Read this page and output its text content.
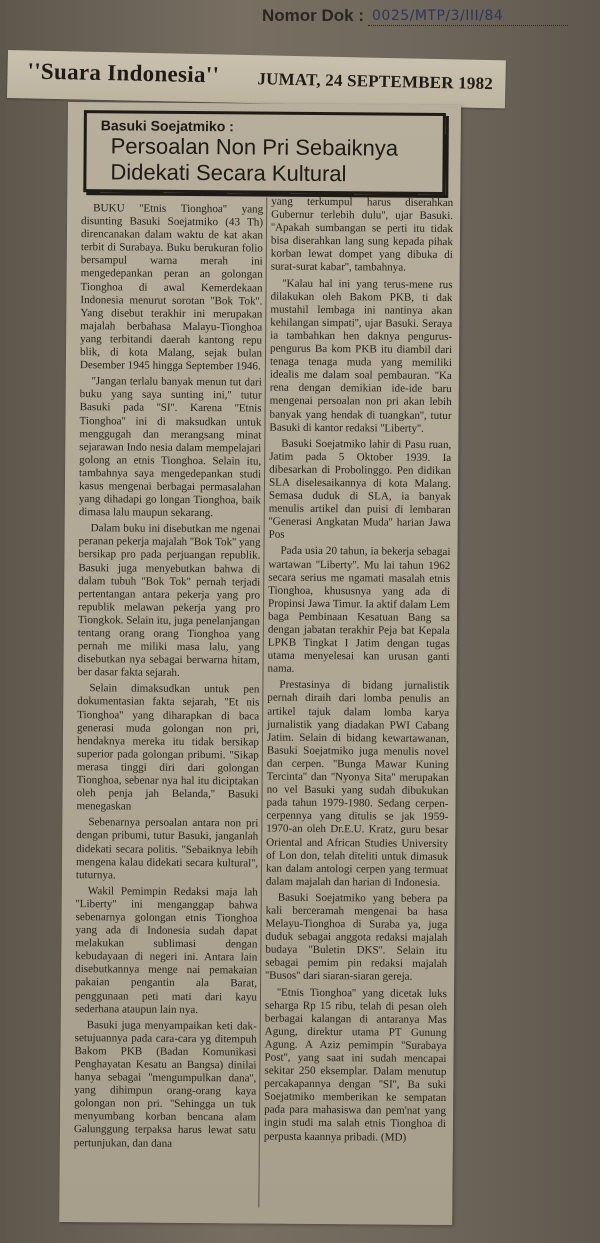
Nomor Dok : 0025/MTP/3/III/84
''Suara Indonesia'' JUMAT, 24 SEPTEMBER 1982
Basuki Soejatmiko :
Persoalan Non Pri Sebaiknya Didekati Secara Kultural

BUKU ''Etnis Tionghoa'' yang disunting Basuki Soejatmiko (43 Th) direncanakan dalam waktu de kat akan terbit di Surabaya. Buku berukuran folio bersampul warna merah ini mengedepankan peran an golongan Tionghoa di awal Kemerdekaan Indonesia menurut sorotan ''Bok Tok''. Yang disebut terakhir ini merupakan majalah berbahasa Malayu-Tionghoa yang terbitandi daerah kantong repu blik, di kota Malang, sejak bulan Desember 1945 hingga September 1946.

''Jangan terlalu banyak menun tut dari buku yang saya sunting ini,'' tutur Basuki pada ''SI''. Karena ''Etnis Tionghoa'' ini di maksudkan untuk menggugah dan merangsang minat sejarawan Indo nesia dalam mempelajari golong an etnis Tionghoa. Selain itu, tambahnya saya mengedepankan studi kasus mengenai berbagai permasalahan yang dihadapi go longan Tionghoa, baik dimasa lalu maupun sekarang.

Dalam buku ini disebutkan me ngenai peranan pekerja majalah ''Bok Tok'' yang bersikap pro pada perjuangan republik. Basuki juga menyebutkan bahwa di dalam tubuh ''Bok Tok'' pernah terjadi pertentangan antara pekerja yang pro republik melawan pekerja yang pro Tiongkok. Selain itu, juga penelanjangan tentang orang orang Tionghoa yang pernah me miliki masa lalu, yang disebutkan nya sebagai berwarna hitam, ber dasar fakta sejarah.

Selain dimaksudkan untuk pen dokumentasian fakta sejarah, ''Et nis Tionghoa'' yang diharapkan di baca generasi muda golongan non pri, hendaknya mereka itu tidak bersikap superior pada golongan pribumi. ''Sikap merasa tinggi diri dari golongan Tionghoa, sebenar nya hal itu diciptakan oleh penja jah Belanda,'' Basuki menegaskan

Sebenarnya persoalan antara non pri dengan pribumi, tutur Basuki, janganlah didekati secara politis. ''Sebaiknya lebih mengena kalau didekati secara kultural'', tuturnya.

Wakil Pemimpin Redaksi maja lah ''Liberty'' ini menganggap bahwa sebenarnya golongan etnis Tionghoa yang ada di Indonesia sudah dapat melakukan sublimasi dengan kebudayaan di negeri ini. Antara lain disebutkannya menge nai pemakaian pakaian pengantin ala Barat, penggunaan peti mati dari kayu sederhana ataupun lain nya.

Basuki juga menyampaikan keti dak-setujuannya pada cara-cara yg ditempuh Bakom PKB (Badan Komunikasi Penghayatan Kesatu an Bangsa) dinilai hanya sebagai ''mengumpulkan dana'', yang dihimpun orang-orang kaya golongan non pri. ''Sehingga un tuk menyumbang korban bencana alam Galunggung terpaksa harus lewat satu pertunjukan, dan dana

yang terkumpul harus diserahkan Gubernur terlebih dulu'', ujar Basuki. ''Apakah sumbangan se perti itu tidak bisa diserahkan lang sung kepada pihak korban lewat dompet yang dibuka di surat-surat kabar'', tambahnya.

''Kalau hal ini yang terus-mene rus dilakukan oleh Bakom PKB, ti dak mustahil lembaga ini nantinya akan kehilangan simpati'', ujar Basuki. Seraya ia tambahkan hen daknya pengurus-pengurus Ba kom PKB itu diambil dari tenaga tenaga muda yang memiliki idealis me dalam soal pembauran. ''Ka rena dengan demikian ide-ide baru mengenai persoalan non pri akan lebih banyak yang hendak di tuangkan'', tutur Basuki di kantor redaksi ''Liberty''.

Basuki Soejatmiko lahir di Pasu ruan, Jatim pada 5 Oktober 1939. Ia dibesarkan di Probolinggo. Pen didikan SLA diselesaikannya di kota Malang. Semasa duduk di SLA, ia banyak menulis artikel dan puisi di lembaran ''Generasi Angkatan Muda'' harian Jawa Pos

Pada usia 20 tahun, ia bekerja sebagai wartawan ''Liberty''. Mu lai tahun 1962 secara serius me ngamati masalah etnis Tionghoa, khususnya yang ada di Propinsi Jawa Timur. Ia aktif dalam Lem baga Pembinaan Kesatuan Bang sa dengan jabatan terakhir Peja bat Kepala LPKB Tingkat I Jatim dengan tugas utama menyelesai kan urusan ganti nama.

Prestasinya di bidang jurnalistik pernah diraih dari lomba penulis an artikel tajuk dalam lomba karya jurnalistik yang diadakan PWI Cabang Jatim. Selain di bidang kewartawanan, Basuki Soejatmiko juga menulis novel dan cerpen. ''Bunga Mawar Kuning Tercinta'' dan ''Nyonya Sita'' merupakan no vel Basuki yang sudah dibukukan pada tahun 1979-1980. Sedang cerpen-cerpennya yang ditulis se jak 1959-1970-an oleh Dr.E.U. Kratz, guru besar Oriental and African Studies University of Lon don, telah diteliti untuk dimasuk kan dalam antologi cerpen yang termuat dalam majalah dan harian di Indonesia.

Basuki Soejatmiko yang bebera pa kali berceramah mengenai ba hasa Melayu-Tionghoa di Suraba ya, juga duduk sebagai anggota redaksi majalah budaya ''Buletin DKS''. Selain itu sebagai pemim pin redaksi majalah ''Busos'' dari siaran-siaran gereja.

''Etnis Tionghoa'' yang dicetak luks seharga Rp 15 ribu, telah di pesan oleh berbagai kalangan di antaranya Mas Agung, direktur utama PT Gunung Agung. A Aziz pemimpin ''Surabaya Post'', yang saat ini sudah mencapai sekitar 250 eksemplar. Dalam menutup percakapannya dengan ''SI'', Ba suki Soejatmiko memberikan ke sempatan pada para mahasiswa dan pem'nat yang ingin studi ma salah etnis Tionghoa di perpusta kaannya pribadi. (MD)
